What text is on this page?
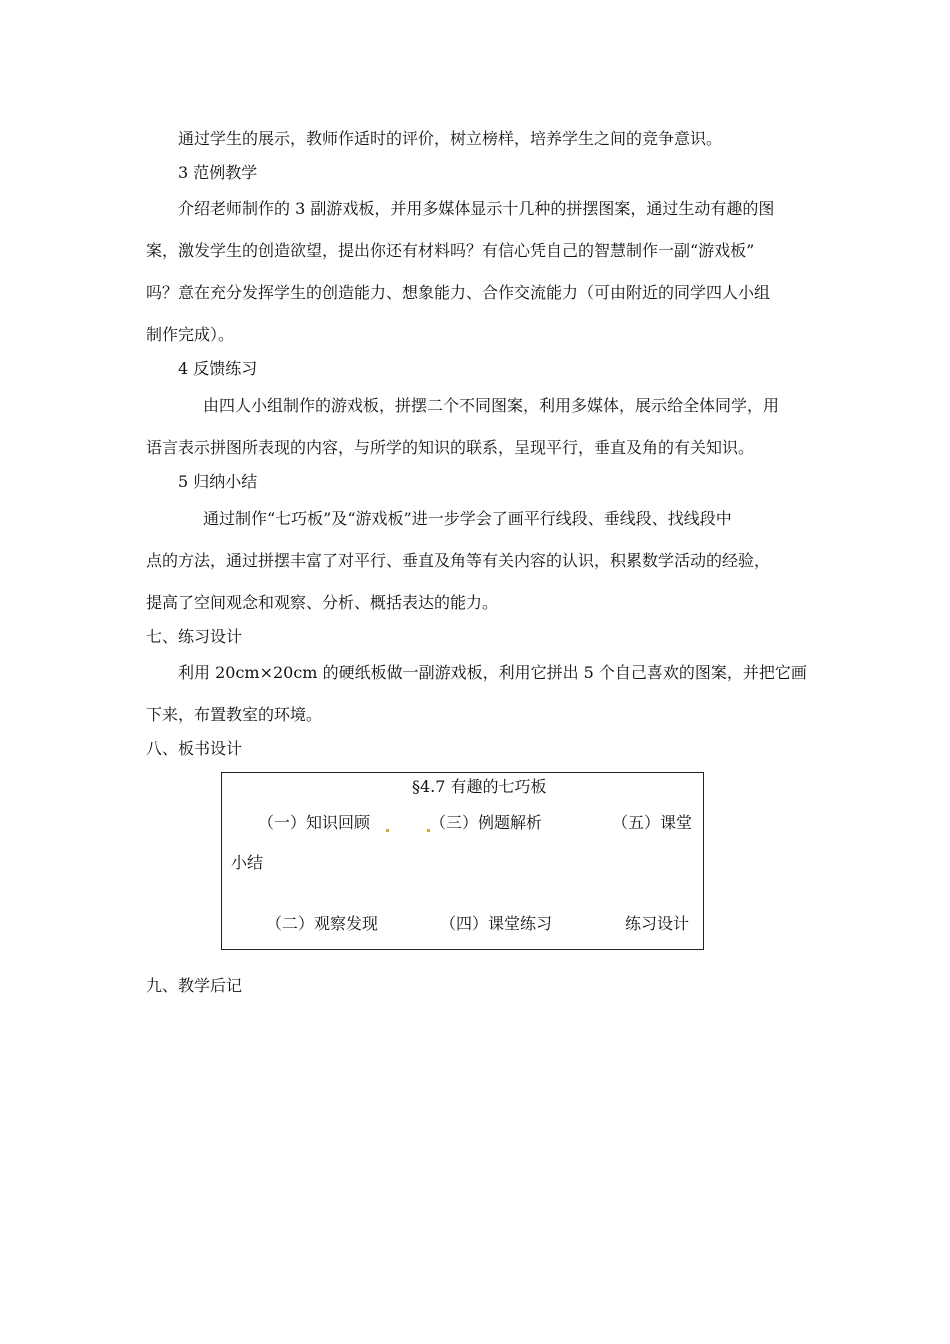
通过学生的展示，教师作适时的评价，树立榜样，培养学生之间的竞争意识。
3 范例教学
介绍老师制作的 3 副游戏板，并用多媒体显示十几种的拼摆图案，通过生动有趣的图
案，激发学生的创造欲望，提出你还有材料吗？有信心凭自己的智慧制作一副“游戏板”
吗？意在充分发挥学生的创造能力、想象能力、合作交流能力（可由附近的同学四人小组
制作完成）。
4 反馈练习
由四人小组制作的游戏板，拼摆二个不同图案，利用多媒体，展示给全体同学，用
语言表示拼图所表现的内容，与所学的知识的联系，呈现平行，垂直及角的有关知识。
5 归纳小结
通过制作“七巧板”及“游戏板”进一步学会了画平行线段、垂线段、找线段中
点的方法，通过拼摆丰富了对平行、垂直及角等有关内容的认识，积累数学活动的经验，
提高了空间观念和观察、分析、概括表达的能力。
七、练习设计
利用 20cm×20cm 的硬纸板做一副游戏板，利用它拼出 5 个自己喜欢的图案，并把它画
下来，布置教室的环境。
八、板书设计
§4.7 有趣的七巧板
（一）知识回顾	（三）例题解析	（五）课堂
小结
（二）观察发现	（四）课堂练习	练习设计
九、教学后记
